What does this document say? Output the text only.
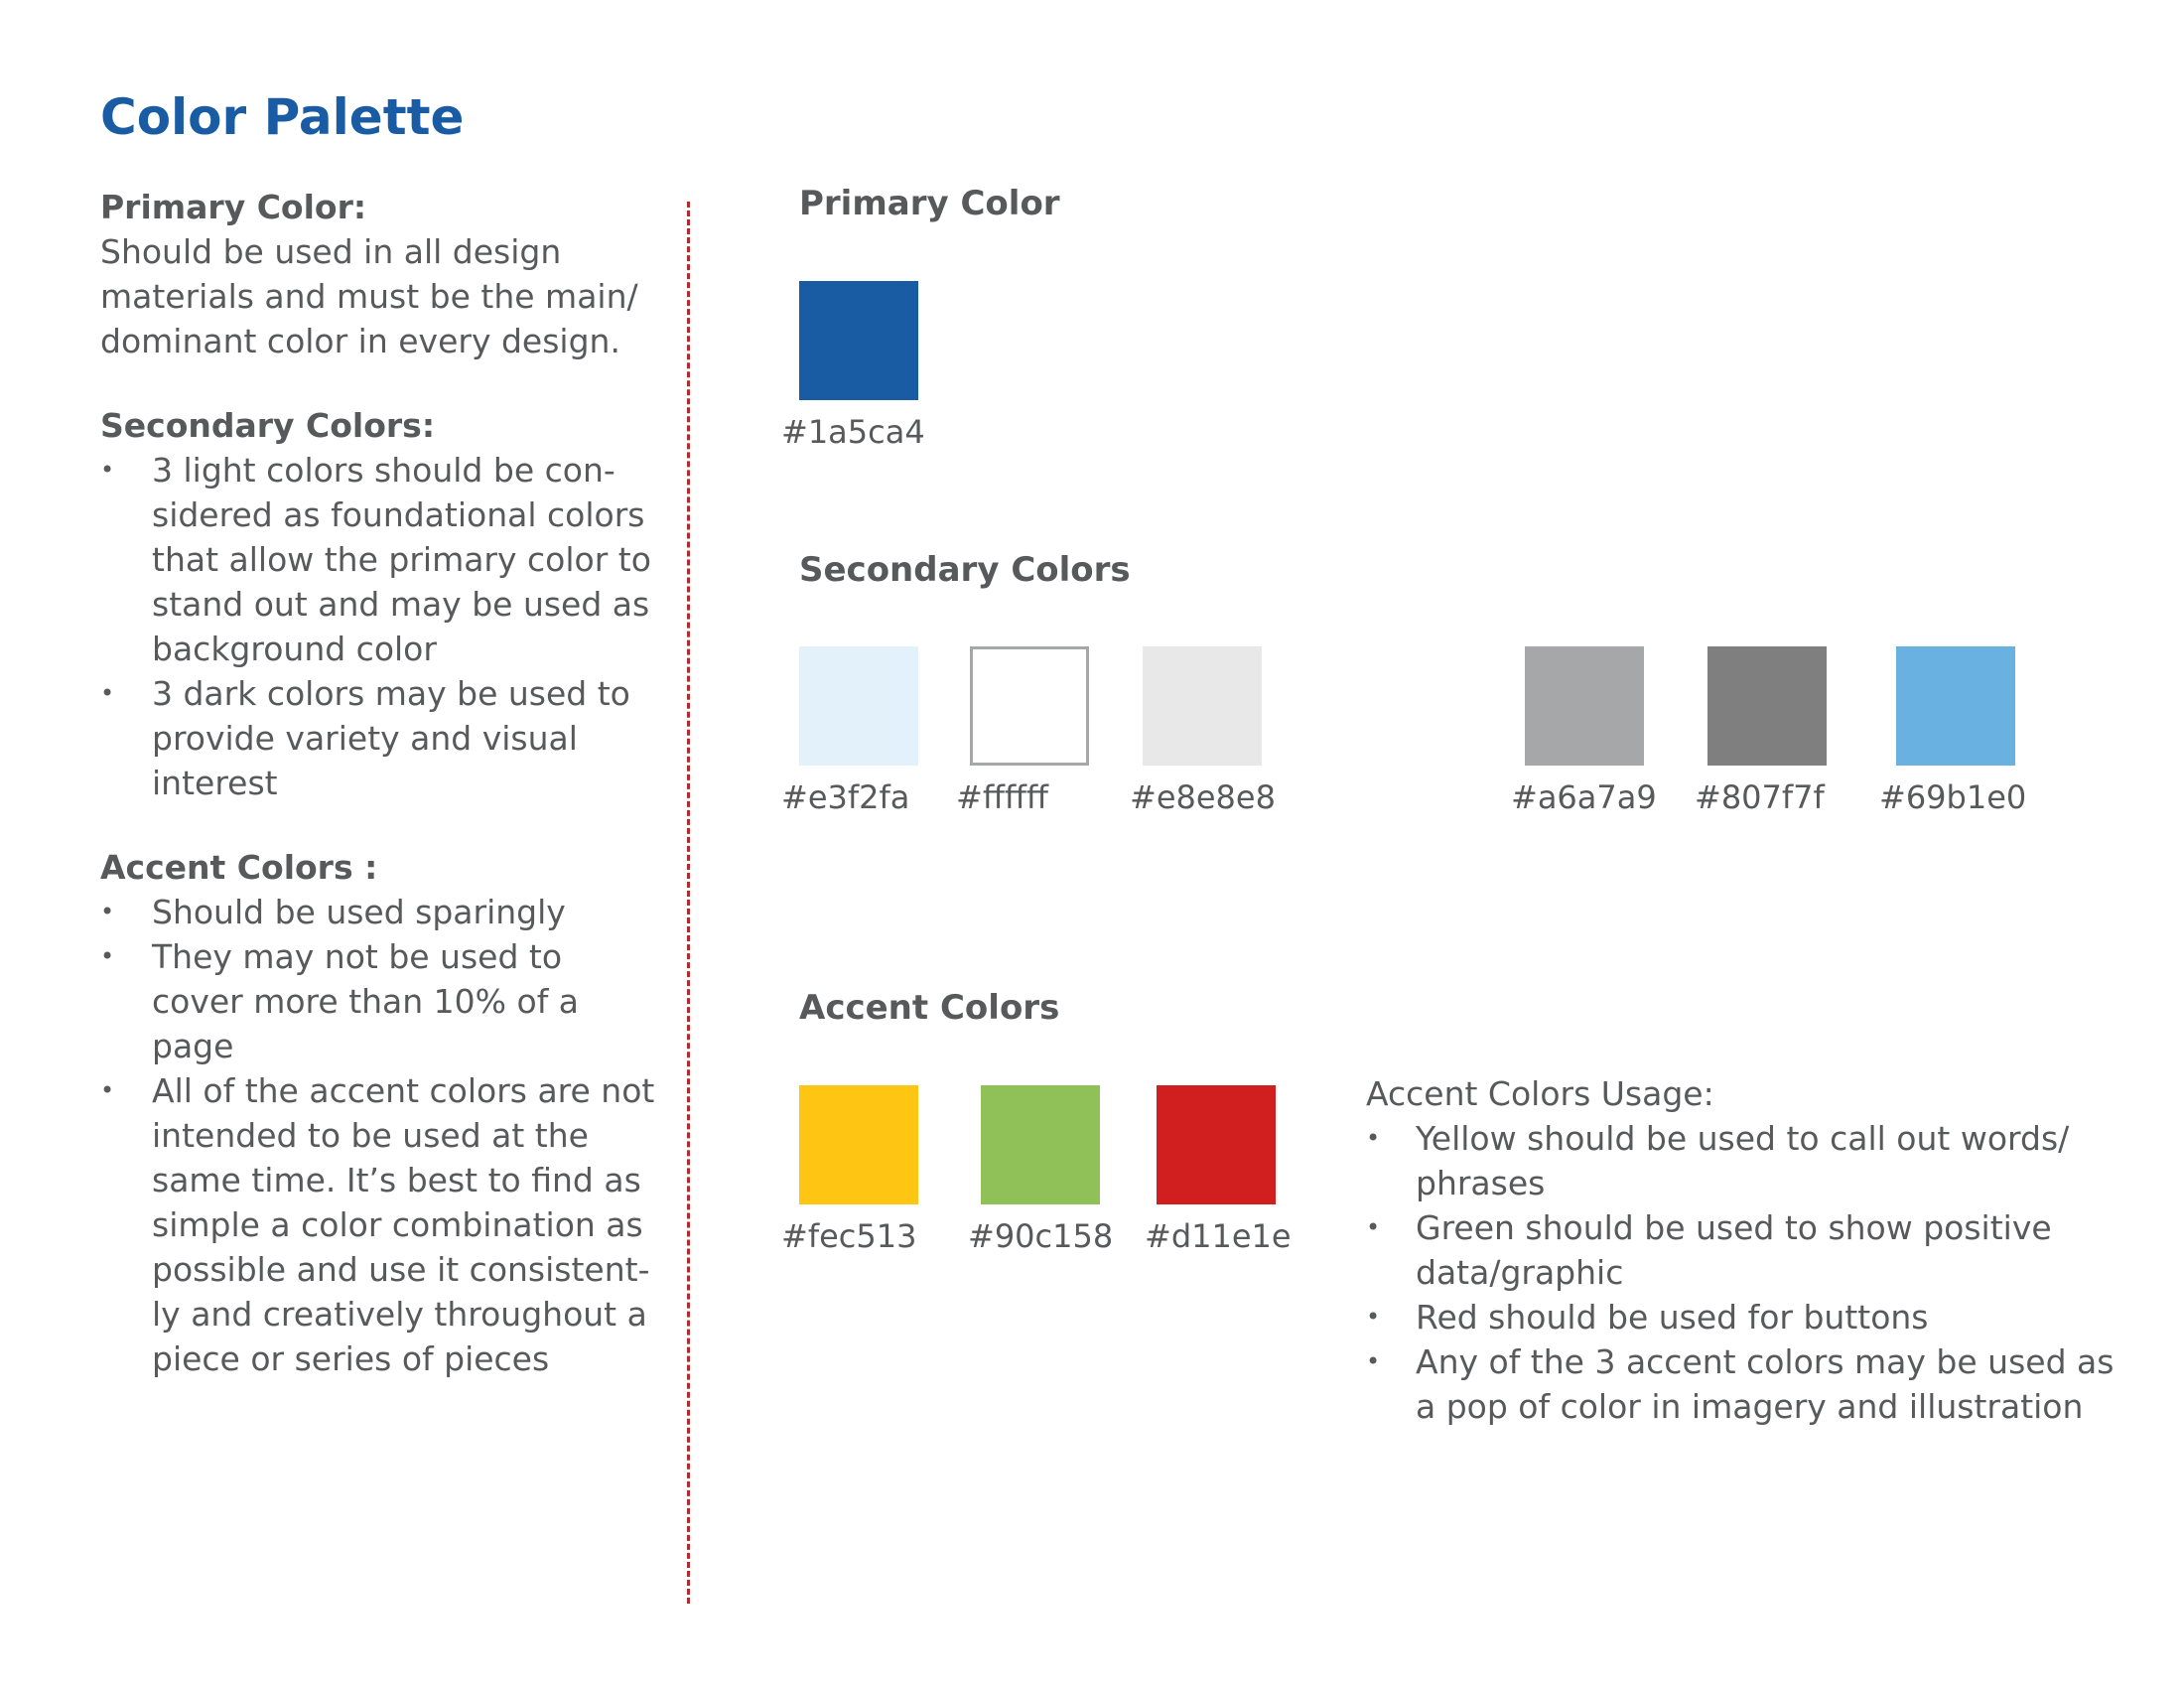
Color Palette

Primary Color:

Should be used in all design materials and must be the main/ dominant color in every design.

Secondary Colors:

• 3 light colors should be con- sidered as foundational colors that allow the primary color to stand out and may be used as background color
• 3 dark colors may be used to provide variety and visual interest

Accent Colors :

• Should be used sparingly
• They may not be used to cover more than 10% of a page
• All of the accent colors are not intended to be used at the same time. It’s best to find as simple a color combination as possible and use it consistent- ly and creatively throughout a piece or series of pieces
Primary Color
#1a5ca4
Secondary Colors
#e3f2fa #ffffff	#e8e8e8	#a6a7a9 #807f7f #69b1e0
Accent Colors
#fec513 #90c158 #d11e1e

Accent Colors Usage:

• Yellow should be used to call out words/ phrases
• Green should be used to show positive data/graphic
• Red should be used for buttons
• Any of the 3 accent colors may be used as a pop of color in imagery and illustration
